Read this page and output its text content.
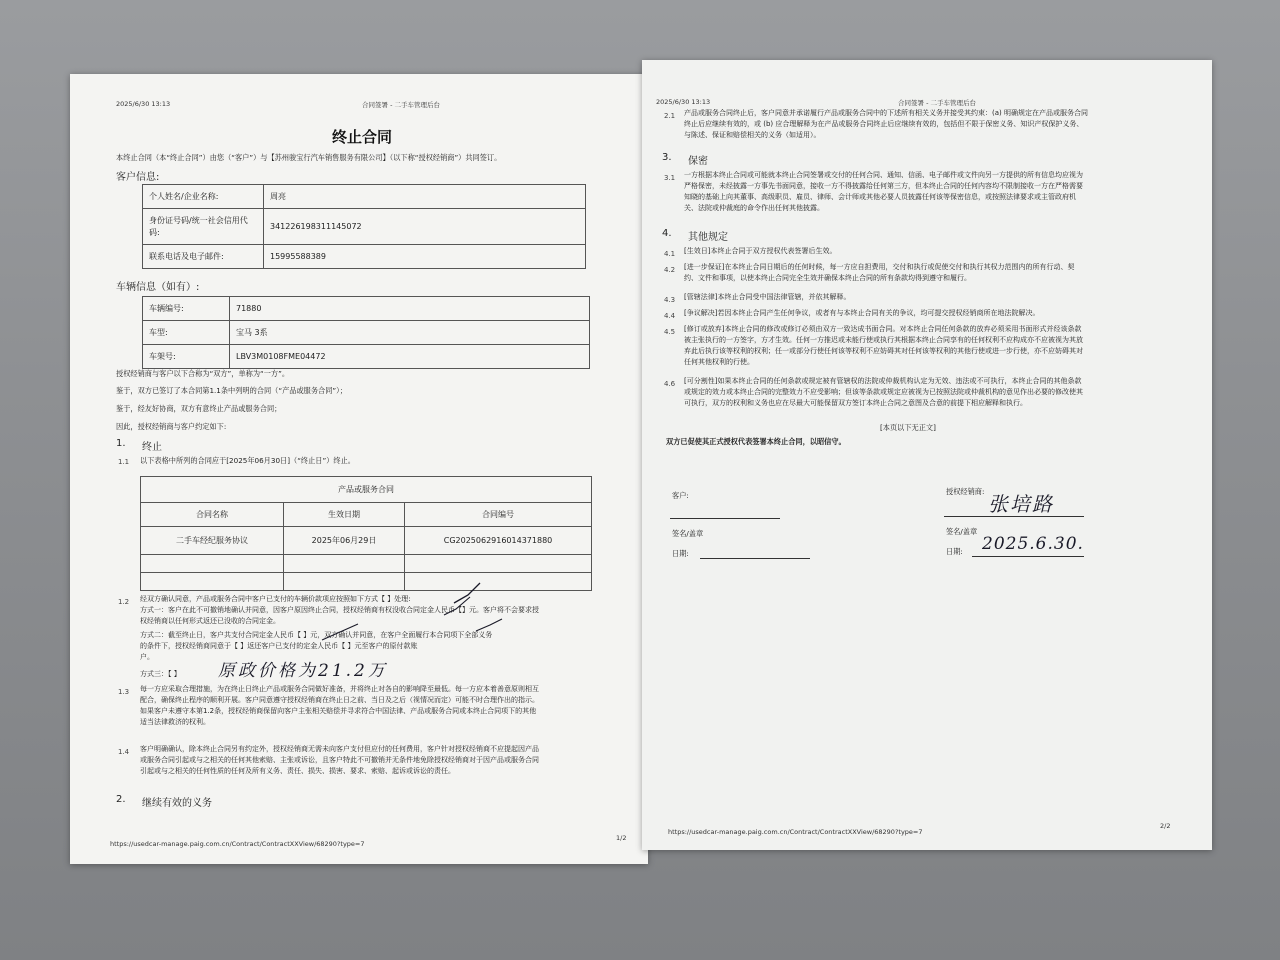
2025/6/30 13:13	合同签署 - 二手车管理后台
终止合同
本终止合同（本“终止合同”）由您（“客户”）与【苏州骏宝行汽车销售服务有限公司】（以下称“授权经销商”）共同签订。
客户信息:
个人姓名/企业名称:	周亮
身份证号码/统一社会信用代码:	341226198311145072
联系电话及电子邮件:	15995588389
车辆信息（如有）:
车辆编号:	71880
车型:	宝马 3系
车架号:	LBV3M0108FME04472
授权经销商与客户以下合称为“双方”，单称为“一方”。
鉴于，双方已签订了本合同第1.1条中列明的合同（“产品或服务合同”）；
鉴于，经友好协商，双方有意终止产品或服务合同；
因此，授权经销商与客户约定如下:
1. 终止
1.1 以下表格中所列的合同应于[2025年06月30日]（“终止日”）终止。
产品或服务合同		
合同名称	生效日期	合同编号
二手车经纪服务协议	2025年06月29日	CG2025062916014371880

1.2 经双方确认同意，产品或服务合同中客户已支付的车辆价款项应按照如下方式【 】处理:
方式一：客户在此不可撤销地确认并同意，因客户原因终止合同，授权经销商有权没收合同定金人民币【】元。客户将不会要求授
权经销商以任何形式返还已没收的合同定金。
方式二：截至终止日，客户共支付合同定金人民币【 】元，双方确认并同意，在客户全面履行本合同项下全部义务
的条件下，授权经销商同意于【 】返还客户已支付的定金人民币【 】元至客户的原付款账
户。
方式三：【 】	原政价格为21.2万
1.3 每一方应采取合理措施，为在终止日终止产品或服务合同做好准备，并将终止对各自的影响降至最低。每一方应本着善意原则相互
配合，确保终止程序的顺利开展。客户同意遵守授权经销商在终止日之前、当日及之后（视情况而定）可能不时合理作出的指示。
如果客户未遵守本第1.2条，授权经销商保留向客户主张相关赔偿并寻求符合中国法律、产品或服务合同或本终止合同项下的其他
适当法律救济的权利。
1.4 客户明确确认，除本终止合同另有约定外，授权经销商无需未向客户支付但应付的任何费用，客户针对授权经销商不应提起因产品
或服务合同引起或与之相关的任何其他索赔、主张或诉讼，且客户特此不可撤销并无条件地免除授权经销商对于因产品或服务合同
引起或与之相关的任何性质的任何及所有义务、责任、损失、损害、要求、索赔、起诉或诉讼的责任。
2. 继续有效的义务
https://usedcar-manage.paig.com.cn/Contract/ContractXXView/68290?type=7
1/2
2025/6/30 13:13	合同签署 - 二手车管理后台
2.1 产品或服务合同终止后，客户同意并承诺履行产品或服务合同中的下述所有相关义务并接受其约束：(a) 明确规定在产品或服务合同
终止后应继续有效的，或 (b) 应合理解释为在产品或服务合同终止后应继续有效的，包括但不限于保密义务、知识产权保护义务、
与陈述、保证和赔偿相关的义务（如适用）。
3. 保密
3.1 一方根据本终止合同或可能就本终止合同签署或交付的任何合同、通知、信函、电子邮件或文件向另一方提供的所有信息均应视为
严格保密，未经披露一方事先书面同意，接收一方不得披露给任何第三方，但本终止合同的任何内容均不限制接收一方在严格需要
知晓的基础上向其董事、高级职员、雇员、律师、会计师或其他必要人员披露任何该等保密信息，或按照法律要求或主管政府机
关、法院或仲裁庭的命令作出任何其他披露。
4. 其他规定
4.1 [生效日]本终止合同于双方授权代表签署后生效。
4.2 [进一步保证]在本终止合同日期后的任何时候，每一方应自担费用，交付和执行或促使交付和执行其权力范围内的所有行动、契
约、文件和事项，以使本终止合同完全生效并确保本终止合同的所有条款均得到遵守和履行。
4.3 [管辖法律]本终止合同受中国法律管辖，并依其解释。
4.4 [争议解决]若因本终止合同产生任何争议，或者有与本终止合同有关的争议，均可提交授权经销商所在地法院解决。
4.5 [修订或放弃]本终止合同的修改或修订必须由双方一致达成书面合同。对本终止合同任何条款的放弃必须采用书面形式并经该条款
被主张执行的一方签字，方才生效。任何一方推迟或未能行使或执行其根据本终止合同享有的任何权利不应构成亦不应被视为其放
弃此后执行该等权利的权利；任一或部分行使任何该等权利不应妨碍其对任何该等权利的其他行使或进一步行使，亦不应妨碍其对
任何其他权利的行使。
4.6 [可分割性]如果本终止合同的任何条款或规定被有管辖权的法院或仲裁机构认定为无效、违法或不可执行，本终止合同的其他条款
或规定的效力或本终止合同的完整效力不应受影响；但该等条款或规定应被视为已按照法院或仲裁机构的意见作出必要的修改使其
可执行，双方的权利和义务也应在尽最大可能保留双方签订本终止合同之意图及合意的前提下相应解释和执行。
[本页以下无正文]
双方已促使其正式授权代表签署本终止合同，以昭信守。
客户:
签名/盖章
日期:
授权经销商:
张培路
签名/盖章
日期: 2025.6.30.
https://usedcar-manage.paig.com.cn/Contract/ContractXXView/68290?type=7
2/2
